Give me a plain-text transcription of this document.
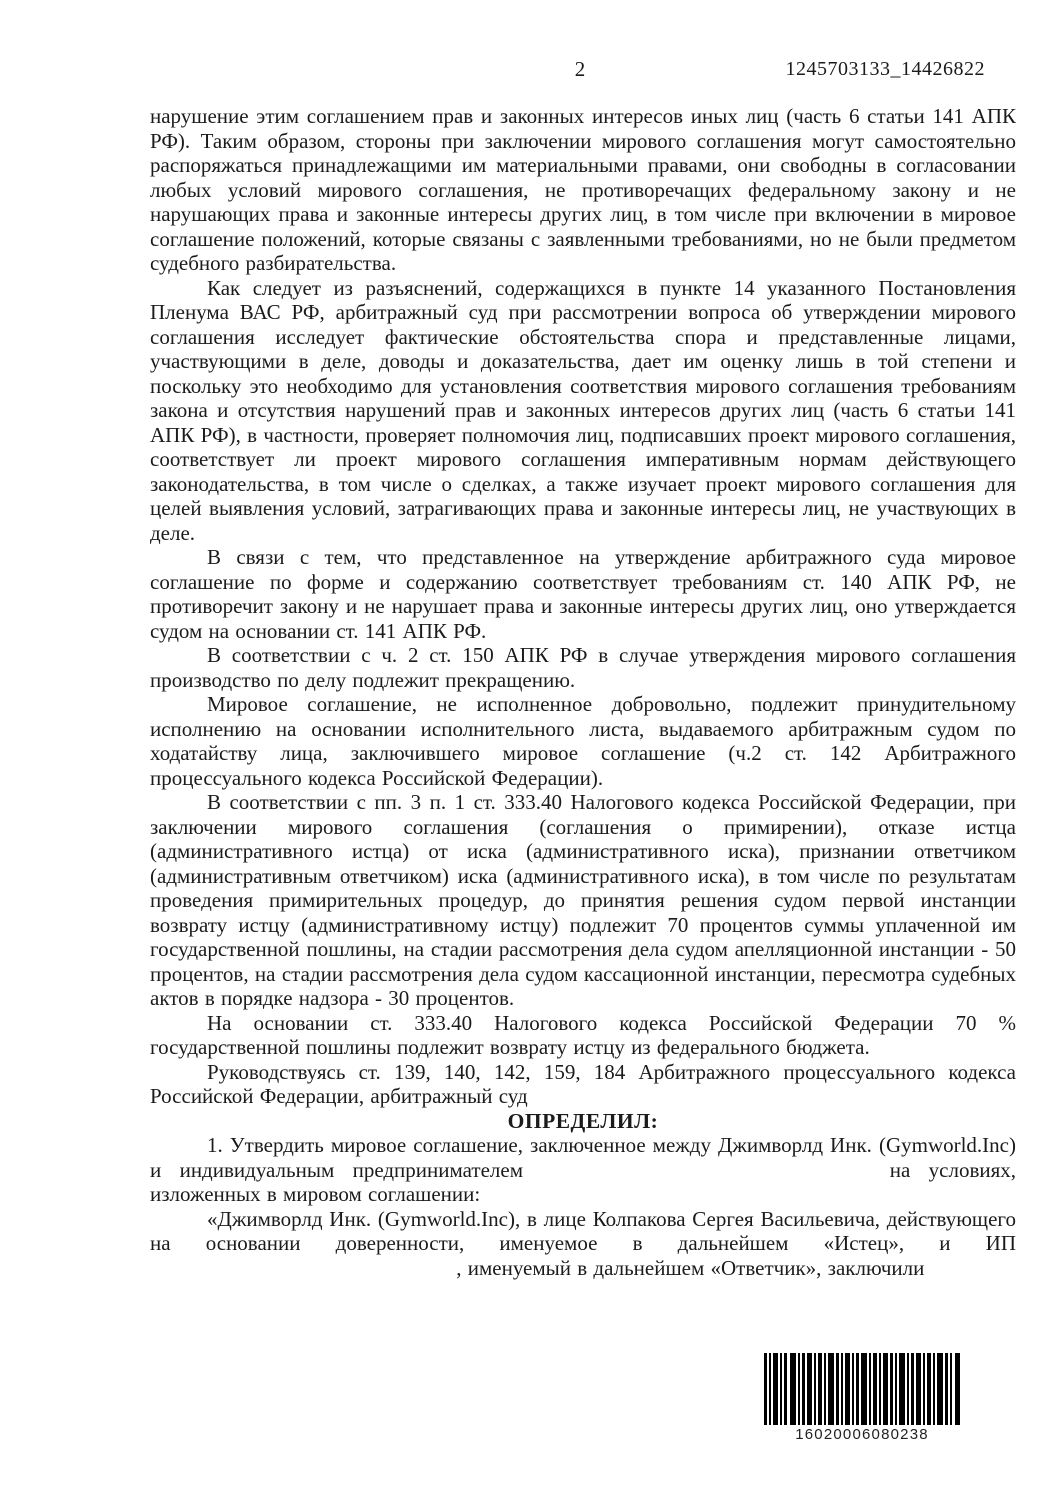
2	1245703133_14426822

нарушение этим соглашением прав и законных интересов иных лиц (часть 6 статьи 141 АПК РФ). Таким образом, стороны при заключении мирового соглашения могут самостоятельно распоряжаться принадлежащими им материальными правами, они свободны в согласовании любых условий мирового соглашения, не противоречащих федеральному закону и не нарушающих права и законные интересы других лиц, в том числе при включении в мировое соглашение положений, которые связаны с заявленными требованиями, но не были предметом судебного разбирательства.

Как следует из разъяснений, содержащихся в пункте 14 указанного Постановления Пленума ВАС РФ, арбитражный суд при рассмотрении вопроса об утверждении мирового соглашения исследует фактические обстоятельства спора и представленные лицами, участвующими в деле, доводы и доказательства, дает им оценку лишь в той степени и поскольку это необходимо для установления соответствия мирового соглашения требованиям закона и отсутствия нарушений прав и законных интересов других лиц (часть 6 статьи 141 АПК РФ), в частности, проверяет полномочия лиц, подписавших проект мирового соглашения, соответствует ли проект мирового соглашения императивным нормам действующего законодательства, в том числе о сделках, а также изучает проект мирового соглашения для целей выявления условий, затрагивающих права и законные интересы лиц, не участвующих в деле.

В связи с тем, что представленное на утверждение арбитражного суда мировое соглашение по форме и содержанию соответствует требованиям ст. 140 АПК РФ, не противоречит закону и не нарушает права и законные интересы других лиц, оно утверждается судом на основании ст. 141 АПК РФ.

В соответствии с ч. 2 ст. 150 АПК РФ в случае утверждения мирового соглашения производство по делу подлежит прекращению.

Мировое соглашение, не исполненное добровольно, подлежит принудительному исполнению на основании исполнительного листа, выдаваемого арбитражным судом по ходатайству лица, заключившего мировое соглашение (ч.2 ст. 142 Арбитражного процессуального кодекса Российской Федерации).

В соответствии с пп. 3 п. 1 ст. 333.40 Налогового кодекса Российской Федерации, при заключении мирового соглашения (соглашения о примирении), отказе истца (административного истца) от иска (административного иска), признании ответчиком (административным ответчиком) иска (административного иска), в том числе по результатам проведения примирительных процедур, до принятия решения судом первой инстанции возврату истцу (административному истцу) подлежит 70 процентов суммы уплаченной им государственной пошлины, на стадии рассмотрения дела судом апелляционной инстанции - 50 процентов, на стадии рассмотрения дела судом кассационной инстанции, пересмотра судебных актов в порядке надзора - 30 процентов.

На основании ст. 333.40 Налогового кодекса Российской Федерации 70 % государственной пошлины подлежит возврату истцу из федерального бюджета.

Руководствуясь ст. 139, 140, 142, 159, 184 Арбитражного процессуального кодекса Российской Федерации, арбитражный суд

ОПРЕДЕЛИЛ:

1. Утвердить мировое соглашение, заключенное между Джимворлд Инк. (Gymworld.Inc) и индивидуальным предпринимателем	на условиях, изложенных в мировом соглашении:

«Джимворлд Инк. (Gymworld.Inc), в лице Колпакова Сергея Васильевича, действующего на основании доверенности, именуемое в дальнейшем «Истец», и ИП  , именуемый в дальнейшем «Ответчик», заключили

16020006080238
